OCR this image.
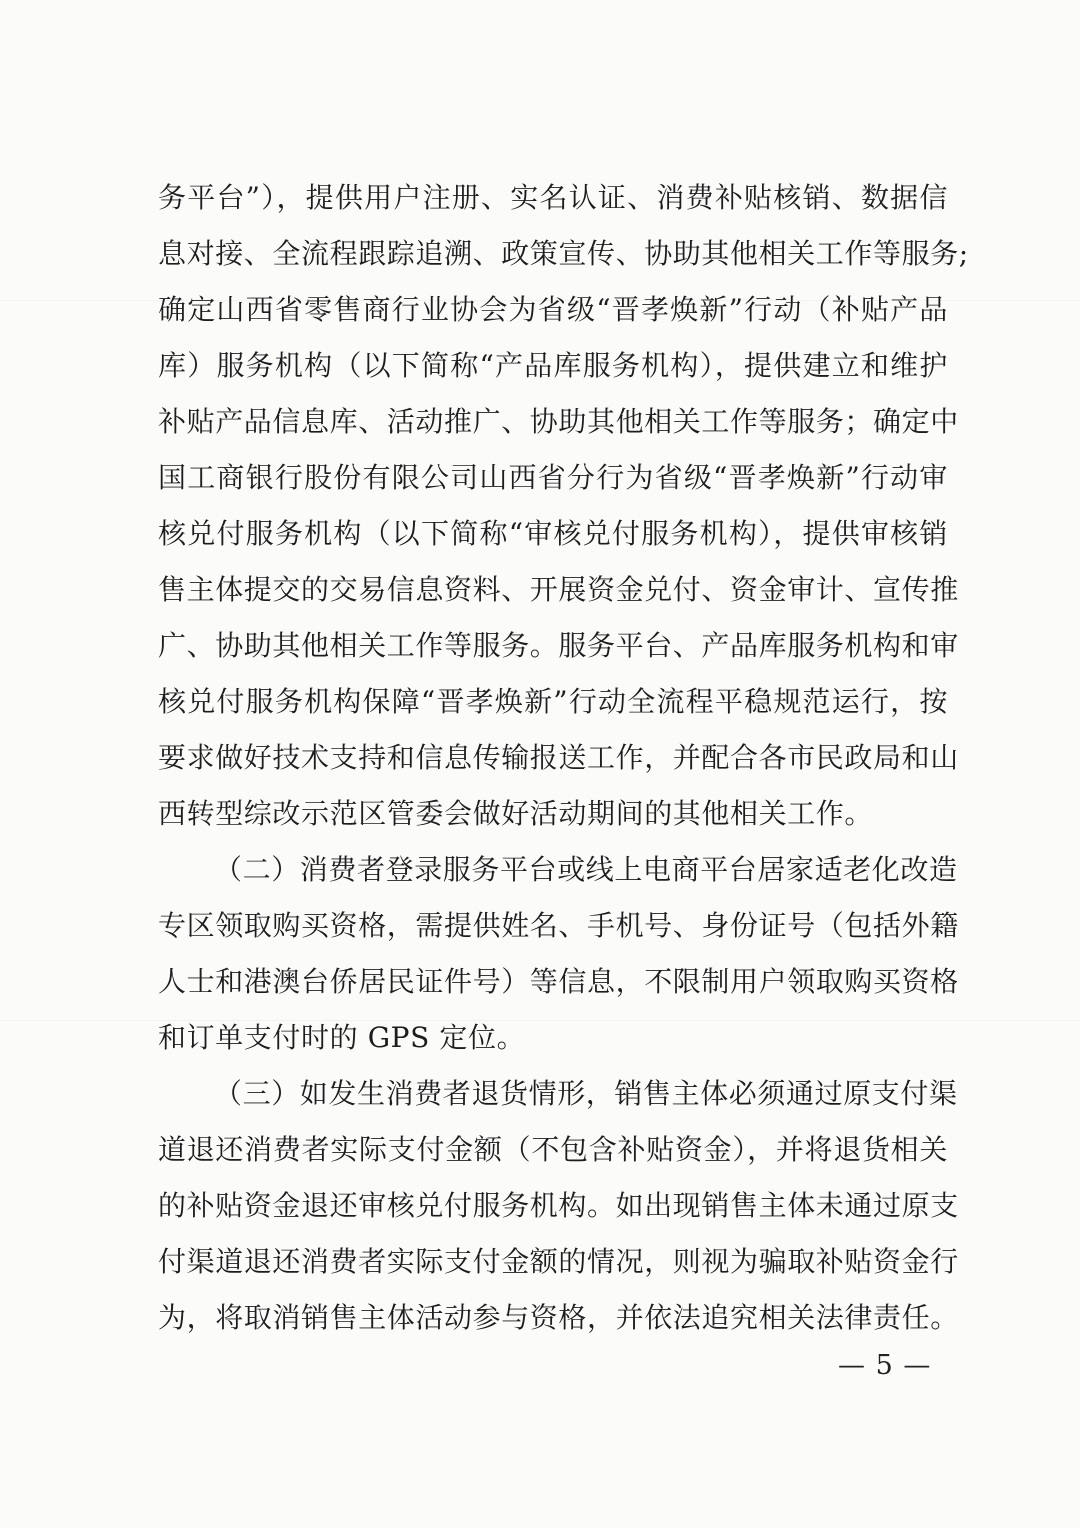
务平台”），提供用户注册、实名认证、消费补贴核销、数据信
息对接、全流程跟踪追溯、政策宣传、协助其他相关工作等服务;
确定山西省零售商行业协会为省级“晋孝焕新”行动（补贴产品
库）服务机构（以下简称“产品库服务机构），提供建立和维护
补贴产品信息库、活动推广、协助其他相关工作等服务；确定中
国工商银行股份有限公司山西省分行为省级“晋孝焕新”行动审
核兑付服务机构（以下简称“审核兑付服务机构），提供审核销
售主体提交的交易信息资料、开展资金兑付、资金审计、宣传推
广、协助其他相关工作等服务。服务平台、产品库服务机构和审
核兑付服务机构保障“晋孝焕新”行动全流程平稳规范运行，按
要求做好技术支持和信息传输报送工作，并配合各市民政局和山
西转型综改示范区管委会做好活动期间的其他相关工作。
（二）消费者登录服务平台或线上电商平台居家适老化改造
专区领取购买资格，需提供姓名、手机号、身份证号（包括外籍
人士和港澳台侨居民证件号）等信息，不限制用户领取购买资格
和订单支付时的 GPS 定位。
（三）如发生消费者退货情形，销售主体必须通过原支付渠
道退还消费者实际支付金额（不包含补贴资金），并将退货相关
的补贴资金退还审核兑付服务机构。如出现销售主体未通过原支
付渠道退还消费者实际支付金额的情况，则视为骗取补贴资金行
为，将取消销售主体活动参与资格，并依法追究相关法律责任。
— 5 —
